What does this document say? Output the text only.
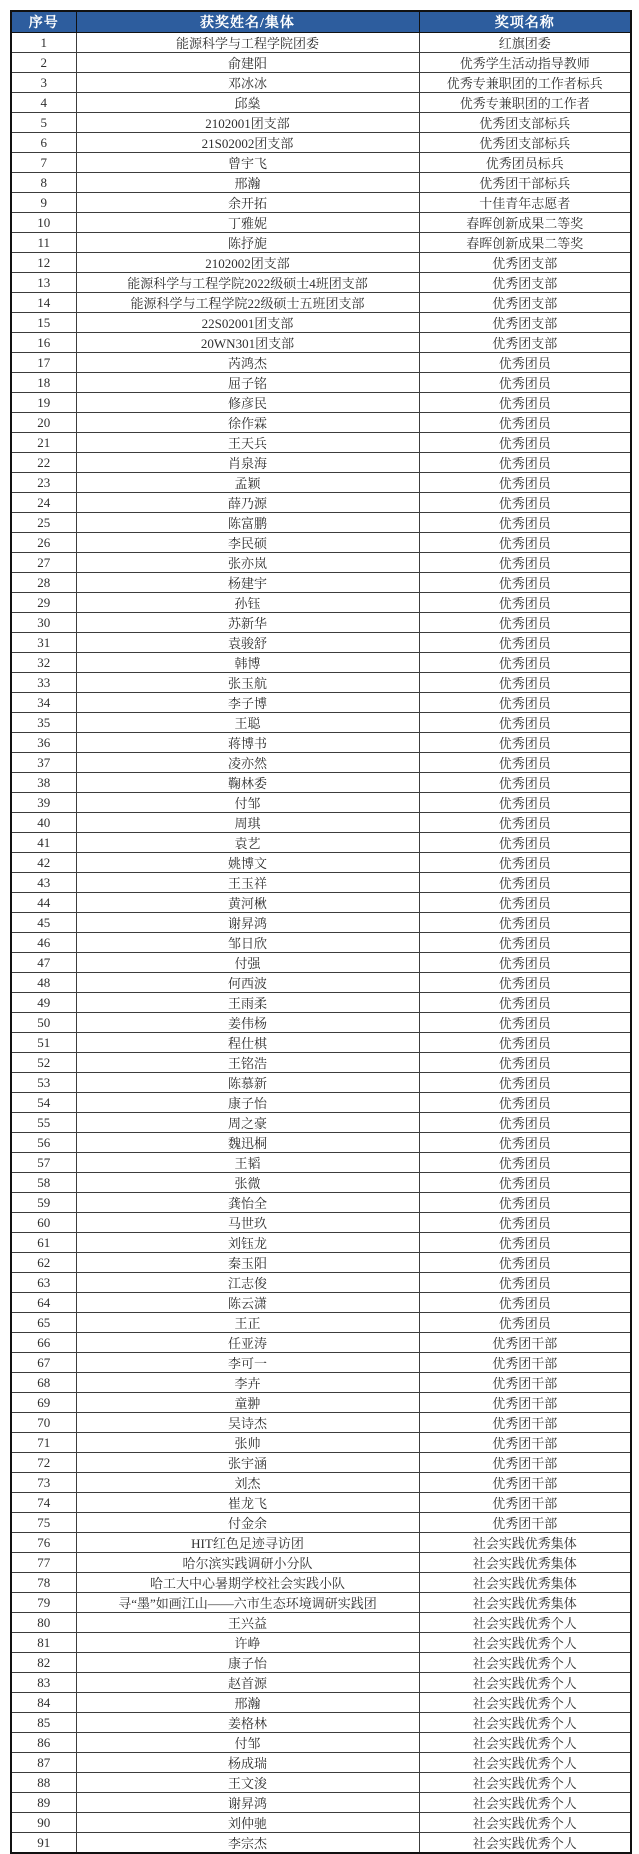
序号	获奖姓名/集体	奖项名称
1	能源科学与工程学院团委	红旗团委
2	俞建阳	优秀学生活动指导教师
3	邓冰冰	优秀专兼职团的工作者标兵
4	邱燊	优秀专兼职团的工作者
5	2102001团支部	优秀团支部标兵
6	21S02002团支部	优秀团支部标兵
7	曾宇飞	优秀团员标兵
8	邢瀚	优秀团干部标兵
9	余开拓	十佳青年志愿者
10	丁雅妮	春晖创新成果二等奖
11	陈抒旎	春晖创新成果二等奖
12	2102002团支部	优秀团支部
13	能源科学与工程学院2022级硕士4班团支部	优秀团支部
14	能源科学与工程学院22级硕士五班团支部	优秀团支部
15	22S02001团支部	优秀团支部
16	20WN301团支部	优秀团支部
17	芮鸿杰	优秀团员
18	屈子铭	优秀团员
19	修彦民	优秀团员
20	徐作霖	优秀团员
21	王天兵	优秀团员
22	肖泉海	优秀团员
23	孟颖	优秀团员
24	薛乃源	优秀团员
25	陈富鹏	优秀团员
26	李民硕	优秀团员
27	张亦岚	优秀团员
28	杨建宇	优秀团员
29	孙钰	优秀团员
30	苏新华	优秀团员
31	袁骏舒	优秀团员
32	韩博	优秀团员
33	张玉航	优秀团员
34	李子博	优秀团员
35	王聪	优秀团员
36	蒋博书	优秀团员
37	凌亦然	优秀团员
38	鞠林委	优秀团员
39	付邹	优秀团员
40	周琪	优秀团员
41	袁艺	优秀团员
42	姚博文	优秀团员
43	王玉祥	优秀团员
44	黄河楸	优秀团员
45	谢昇鸿	优秀团员
46	邹日欣	优秀团员
47	付强	优秀团员
48	何西波	优秀团员
49	王雨柔	优秀团员
50	姜伟杨	优秀团员
51	程仕棋	优秀团员
52	王铭浩	优秀团员
53	陈慕新	优秀团员
54	康子怡	优秀团员
55	周之豪	优秀团员
56	魏迅桐	优秀团员
57	王韬	优秀团员
58	张微	优秀团员
59	龚怡全	优秀团员
60	马世玖	优秀团员
61	刘钰龙	优秀团员
62	秦玉阳	优秀团员
63	江志俊	优秀团员
64	陈云潇	优秀团员
65	王正	优秀团员
66	任亚涛	优秀团干部
67	李可一	优秀团干部
68	李卉	优秀团干部
69	童翀	优秀团干部
70	吴诗杰	优秀团干部
71	张帅	优秀团干部
72	张宇涵	优秀团干部
73	刘杰	优秀团干部
74	崔龙飞	优秀团干部
75	付金余	优秀团干部
76	HIT红色足迹寻访团	社会实践优秀集体
77	哈尔滨实践调研小分队	社会实践优秀集体
78	哈工大中心暑期学校社会实践小队	社会实践优秀集体
79	寻“墨”如画江山——六市生态环境调研实践团	社会实践优秀集体
80	王兴益	社会实践优秀个人
81	许峥	社会实践优秀个人
82	康子怡	社会实践优秀个人
83	赵首源	社会实践优秀个人
84	邢瀚	社会实践优秀个人
85	姜格林	社会实践优秀个人
86	付邹	社会实践优秀个人
87	杨成瑞	社会实践优秀个人
88	王文浚	社会实践优秀个人
89	谢昇鸿	社会实践优秀个人
90	刘仲驰	社会实践优秀个人
91	李宗杰	社会实践优秀个人
